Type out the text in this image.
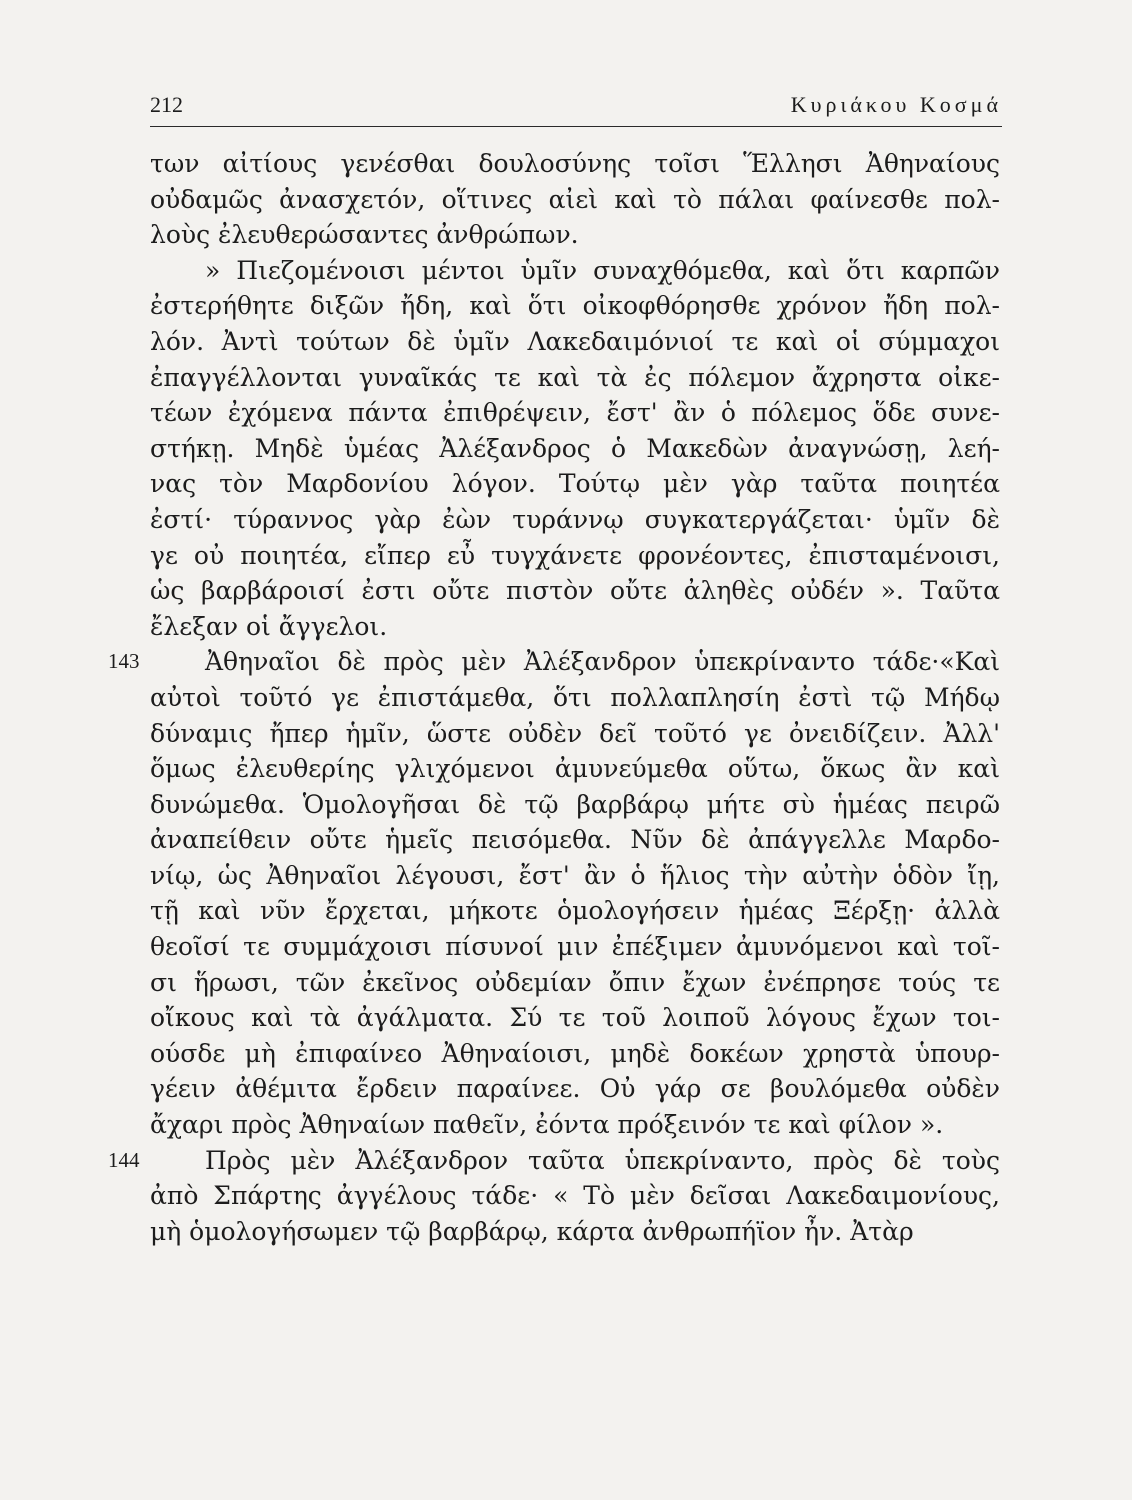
212	Κυριάκου Κοσμά
των αἰτίους γενέσθαι δουλοσύνης τοῖσι Ἕλλησι Ἀθηναίους
οὐδαμῶς ἀνασχετόν, οἵτινες αἰεὶ καὶ τὸ πάλαι φαίνεσθε πολ-
λοὺς ἐλευθερώσαντες ἀνθρώπων.
» Πιεζομένοισι μέντοι ὑμῖν συναχθόμεθα, καὶ ὅτι καρπῶν
ἐστερήθητε διξῶν ἤδη, καὶ ὅτι οἰκοφθόρησθε χρόνον ἤδη πολ-
λόν. Ἀντὶ τούτων δὲ ὑμῖν Λακεδαιμόνιοί τε καὶ οἱ σύμμαχοι
ἐπαγγέλλονται γυναῖκάς τε καὶ τὰ ἐς πόλεμον ἄχρηστα οἰκε-
τέων ἐχόμενα πάντα ἐπιθρέψειν, ἔστ' ἂν ὁ πόλεμος ὅδε συνε-
στήκῃ. Μηδὲ ὑμέας Ἀλέξανδρος ὁ Μακεδὼν ἀναγνώσῃ, λεή-
νας τὸν Μαρδονίου λόγον. Τούτῳ μὲν γὰρ ταῦτα ποιητέα
ἐστί· τύραννος γὰρ ἐὼν τυράννῳ συγκατεργάζεται· ὑμῖν δὲ
γε οὐ ποιητέα, εἴπερ εὖ τυγχάνετε φρονέοντες, ἐπισταμένοισι,
ὡς βαρβάροισί ἐστι οὔτε πιστὸν οὔτε ἀληθὲς οὐδέν ». Ταῦτα
ἔλεξαν οἱ ἄγγελοι.
143	Ἀθηναῖοι δὲ πρὸς μὲν Ἀλέξανδρον ὑπεκρίναντο τάδε·«Καὶ
αὐτοὶ τοῦτό γε ἐπιστάμεθα, ὅτι πολλαπλησίη ἐστὶ τῷ Μήδῳ
δύναμις ἤπερ ἡμῖν, ὥστε οὐδὲν δεῖ τοῦτό γε ὀνειδίζειν. Ἀλλ'
ὅμως ἐλευθερίης γλιχόμενοι ἀμυνεύμεθα οὕτω, ὅκως ἂν καὶ
δυνώμεθα. Ὁμολογῆσαι δὲ τῷ βαρβάρῳ μήτε σὺ ἡμέας πειρῶ
ἀναπείθειν οὔτε ἡμεῖς πεισόμεθα. Νῦν δὲ ἀπάγγελλε Μαρδο-
νίῳ, ὡς Ἀθηναῖοι λέγουσι, ἔστ' ἂν ὁ ἥλιος τὴν αὐτὴν ὁδὸν ἴῃ,
τῇ καὶ νῦν ἔρχεται, μήκοτε ὁμολογήσειν ἡμέας Ξέρξῃ· ἀλλὰ
θεοῖσί τε συμμάχοισι πίσυνοί μιν ἐπέξιμεν ἀμυνόμενοι καὶ τοῖ-
σι ἥρωσι, τῶν ἐκεῖνος οὐδεμίαν ὄπιν ἔχων ἐνέπρησε τούς τε
οἴκους καὶ τὰ ἀγάλματα. Σύ τε τοῦ λοιποῦ λόγους ἔχων τοι-
ούσδε μὴ ἐπιφαίνεο Ἀθηναίοισι, μηδὲ δοκέων χρηστὰ ὑπουρ-
γέειν ἀθέμιτα ἔρδειν παραίνεε. Οὐ γάρ σε βουλόμεθα οὐδὲν
ἄχαρι πρὸς Ἀθηναίων παθεῖν, ἐόντα πρόξεινόν τε καὶ φίλον ».
144	Πρὸς μὲν Ἀλέξανδρον ταῦτα ὑπεκρίναντο, πρὸς δὲ τοὺς
ἀπὸ Σπάρτης ἀγγέλους τάδε· « Τὸ μὲν δεῖσαι Λακεδαιμονίους,
μὴ ὁμολογήσωμεν τῷ βαρβάρῳ, κάρτα ἀνθρωπήϊον ἦν. Ἀτὰρ
